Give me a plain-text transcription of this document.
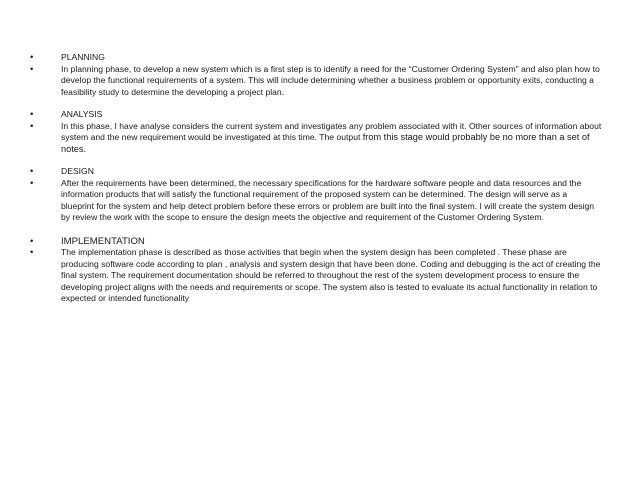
•	PLANNING
•	In planning phase, to develop a new system which is a first step is to identify a need for the “Customer Ordering System” and also plan how to develop the functional requirements of a system. This will include determining whether a business problem or opportunity exits, conducting a feasibility study to determine the developing a project plan.
•	ANALYSIS
•	In this phase, I have analyse considers the current system and investigates any problem associated with it. Other sources of information about system and the new requirement would be investigated at this time. The output from this stage would probably be no more than a set of notes.
•	DESIGN
•	After the requirements have been determined, the necessary specifications for the hardware software people and data resources and the information products that will satisfy the functional requirement of the proposed system can be determined. The design will serve as a blueprint for the system and help detect problem before these errors or problem are built into the final system. I will create the system design by review the work with the scope to ensure the design meets the objective and requirement of the Customer Ordering System.
•	IMPLEMENTATION
•	The implementation phase is described as those activities that begin when the system design has been completed . These phase are producing software code according to plan , analysis and system design that have been done. Coding and debugging is the act of creating the final system. The requirement documentation should be referred to throughout the rest of the system development process to ensure the developing project aligns with the needs and requirements or scope. The system also is tested to evaluate its actual functionality in relation to expected or intended functionality
